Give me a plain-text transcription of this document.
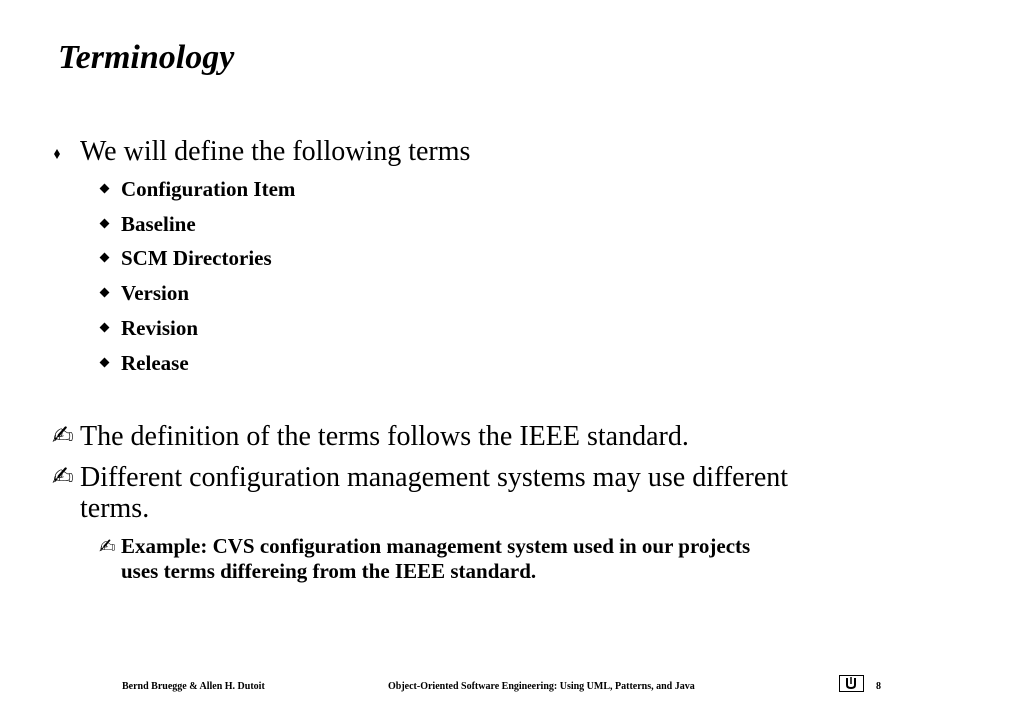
Terminology
We will define the following terms
Configuration Item
Baseline
SCM Directories
Version
Revision
Release
✍ The definition of the terms follows the IEEE standard.
✍ Different configuration management systems may use different
terms.
✍ Example: CVS configuration management system used in our projects
uses terms differeing from the IEEE standard.
Bernd Bruegge & Allen H. Dutoit	Object-Oriented Software Engineering: Using UML, Patterns, and Java	8
